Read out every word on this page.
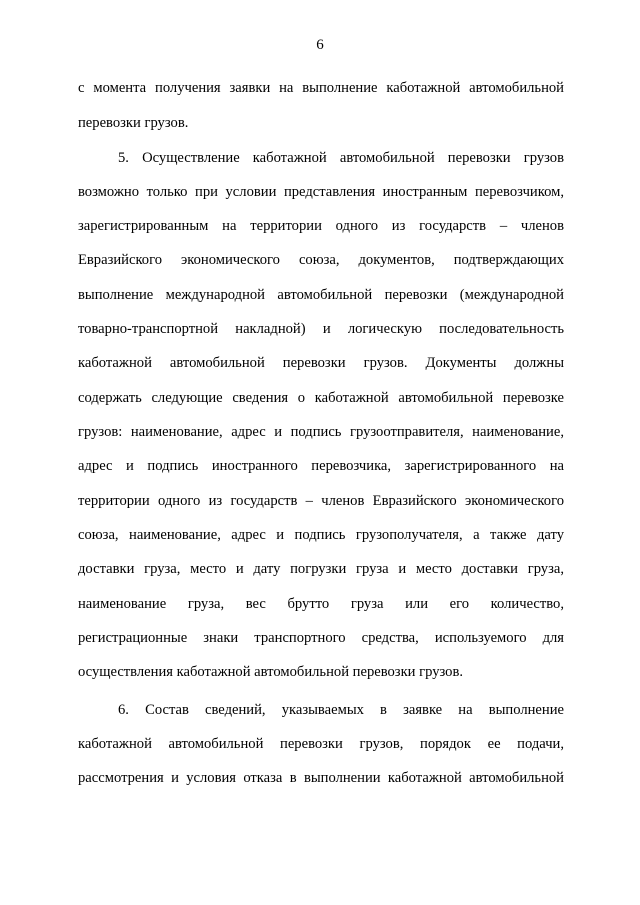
6
с момента получения заявки на выполнение каботажной автомобильной
перевозки грузов.
5. Осуществление каботажной автомобильной перевозки грузов
возможно только при условии представления иностранным перевозчиком,
зарегистрированным на территории одного из государств – членов
Евразийского экономического союза, документов, подтверждающих
выполнение международной автомобильной перевозки (международной
товарно-транспортной накладной) и логическую последовательность
каботажной автомобильной перевозки грузов. Документы должны
содержать следующие сведения о каботажной автомобильной перевозке
грузов: наименование, адрес и подпись грузоотправителя, наименование,
адрес и подпись иностранного перевозчика, зарегистрированного на
территории одного из государств – членов Евразийского экономического
союза, наименование, адрес и подпись грузополучателя, а также дату
доставки груза, место и дату погрузки груза и место доставки груза,
наименование груза, вес брутто груза или его количество,
регистрационные знаки транспортного средства, используемого для
осуществления каботажной автомобильной перевозки грузов.
6. Состав сведений, указываемых в заявке на выполнение
каботажной автомобильной перевозки грузов, порядок ее подачи,
рассмотрения и условия отказа в выполнении каботажной автомобильной
